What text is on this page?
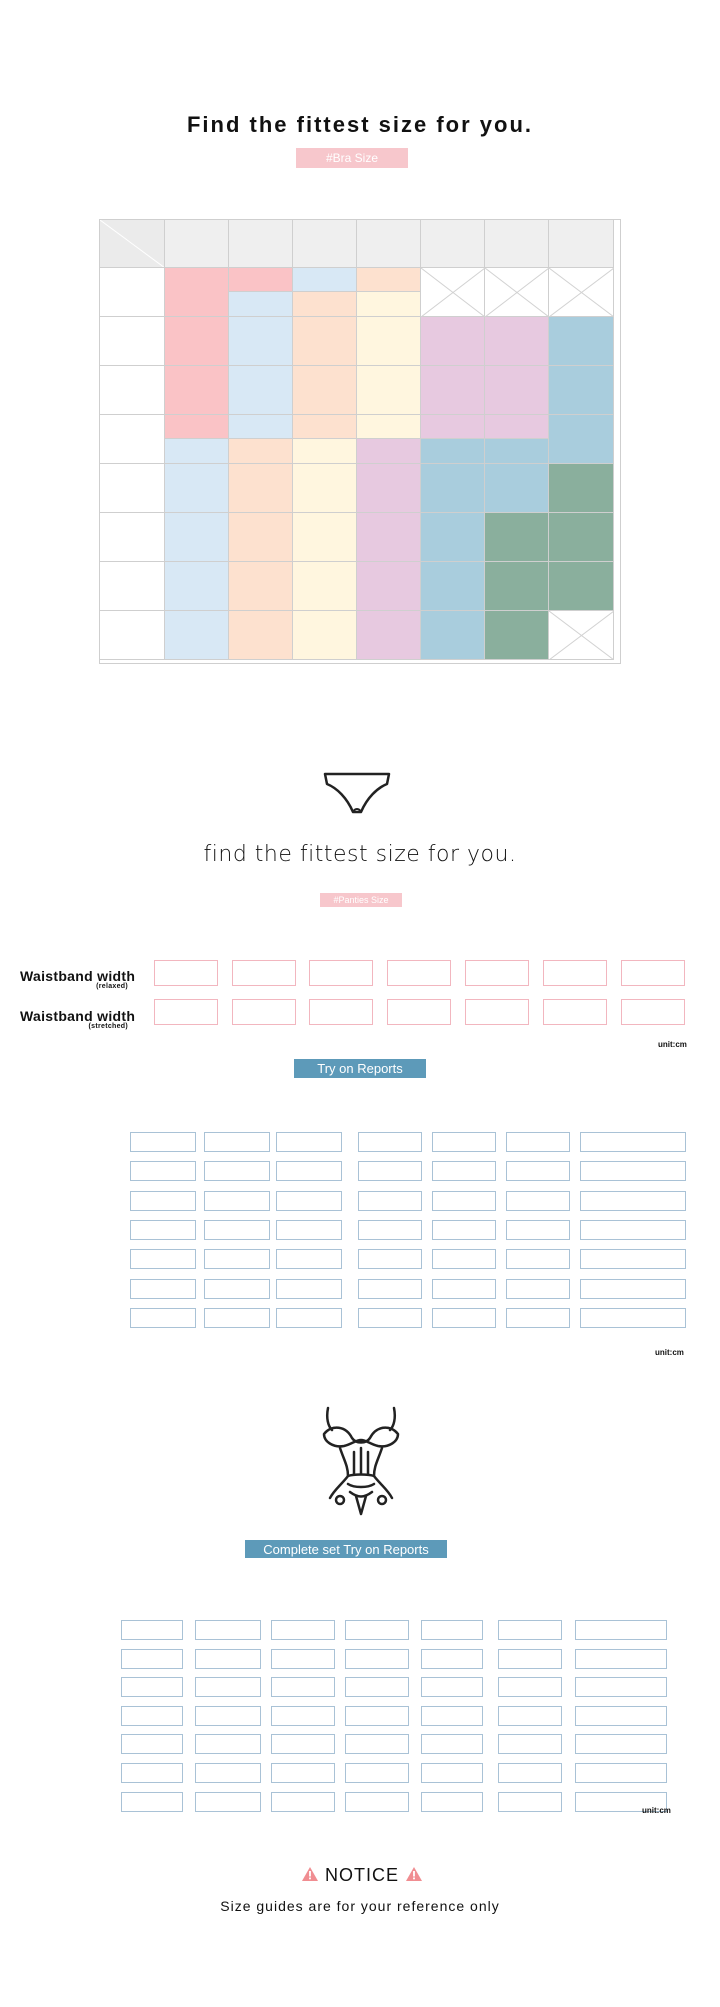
Find the fittest size for you.
#Bra Size
find the fittest size for you.
#Panties Size
Waistband width
(relaxed)
Waistband width
(stretched)
unit:cm
Try on Reports
unit:cm
Complete set Try on Reports
unit:cm
NOTICE
Size guides are for your reference only
